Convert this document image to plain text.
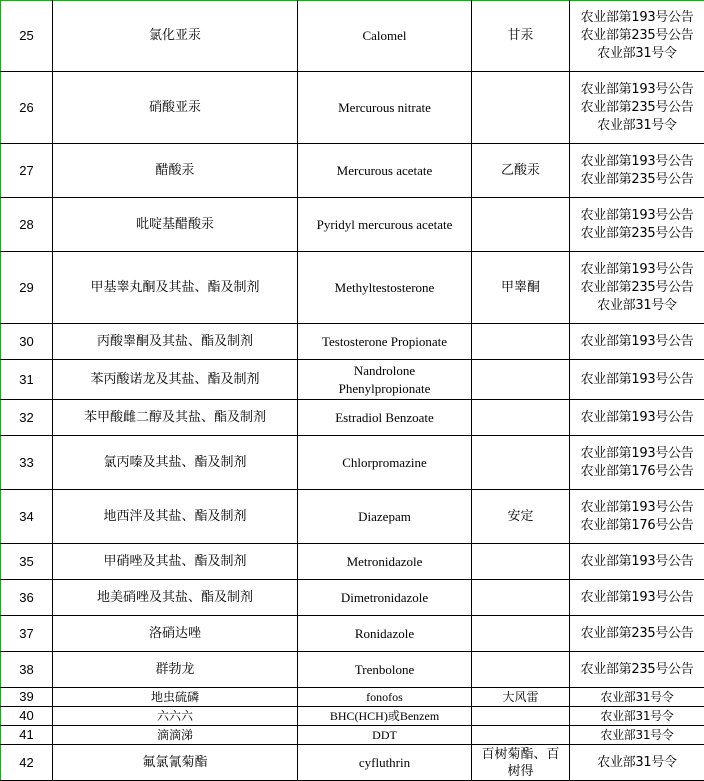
25	氯化亚汞	Calomel	甘汞	农业部第193号公告
农业部第235号公告
农业部31号令

26	硝酸亚汞	Mercurous nitrate		农业部第193号公告
农业部第235号公告
农业部31号令

27	醋酸汞	Mercurous acetate	乙酸汞	农业部第193号公告
农业部第235号公告

28	吡啶基醋酸汞	Pyridyl mercurous acetate		农业部第193号公告
农业部第235号公告

29	甲基睾丸酮及其盐、酯及制剂	Methyltestosterone	甲睾酮	农业部第193号公告
农业部第235号公告
农业部31号令

30	丙酸睾酮及其盐、酯及制剂	Testosterone Propionate		农业部第193号公告

31	苯丙酸诺龙及其盐、酯及制剂	Nandrolone
Phenylpropionate		农业部第193号公告

32	苯甲酸雌二醇及其盐、酯及制剂	Estradiol Benzoate		农业部第193号公告

33	氯丙嗪及其盐、酯及制剂	Chlorpromazine		农业部第193号公告
农业部第176号公告

34	地西泮及其盐、酯及制剂	Diazepam	安定	农业部第193号公告
农业部第176号公告

35	甲硝唑及其盐、酯及制剂	Metronidazole		农业部第193号公告

36	地美硝唑及其盐、酯及制剂	Dimetronidazole		农业部第193号公告

37	洛硝达唑	Ronidazole		农业部第235号公告

38	群勃龙	Trenbolone		农业部第235号公告

39	地虫硫磷	fonofos	大风雷	农业部31号令

40	六六六	BHC(HCH)或Benzem		农业部31号令

41	滴滴涕	DDT		农业部31号令

42	氟氯氰菊酯	cyfluthrin	百树菊酯、百
树得	农业部31号令
